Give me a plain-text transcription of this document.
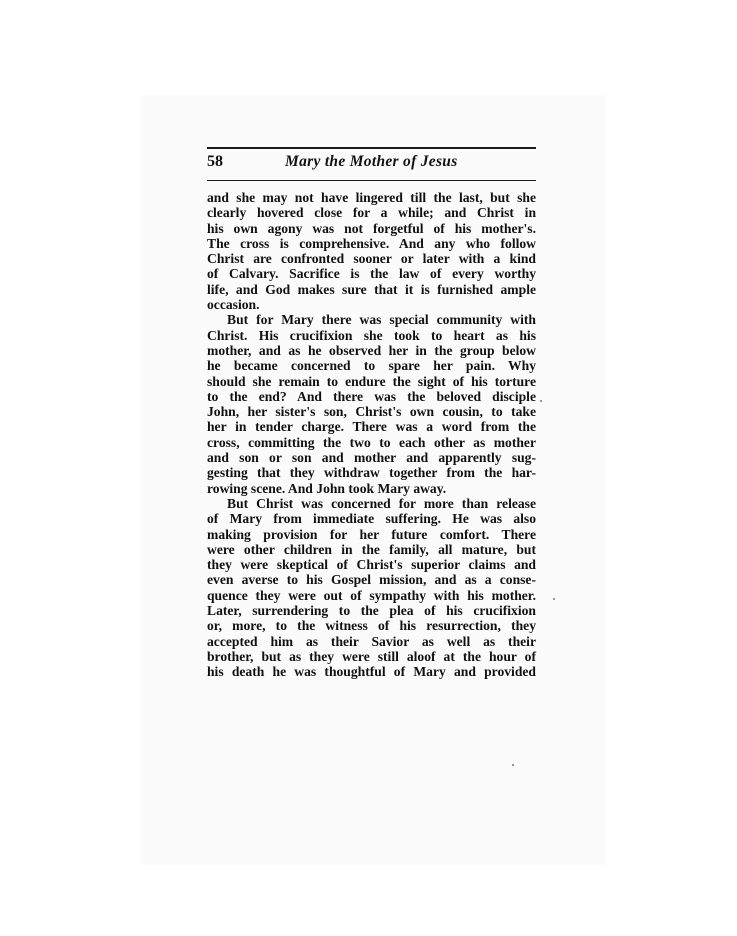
58	Mary the Mother of Jesus
and she may not have lingered till the last, but she
clearly hovered close for a while; and Christ in
his own agony was not forgetful of his mother's.
The cross is comprehensive. And any who follow
Christ are confronted sooner or later with a kind
of Calvary. Sacrifice is the law of every worthy
life, and God makes sure that it is furnished ample
occasion.
But for Mary there was special community with
Christ. His crucifixion she took to heart as his
mother, and as he observed her in the group below
he became concerned to spare her pain. Why
should she remain to endure the sight of his torture
to the end? And there was the beloved disciple
John, her sister's son, Christ's own cousin, to take
her in tender charge. There was a word from the
cross, committing the two to each other as mother
and son or son and mother and apparently sug-
gesting that they withdraw together from the har-
rowing scene. And John took Mary away.
But Christ was concerned for more than release
of Mary from immediate suffering. He was also
making provision for her future comfort. There
were other children in the family, all mature, but
they were skeptical of Christ's superior claims and
even averse to his Gospel mission, and as a conse-
quence they were out of sympathy with his mother.
Later, surrendering to the plea of his crucifixion
or, more, to the witness of his resurrection, they
accepted him as their Savior as well as their
brother, but as they were still aloof at the hour of
his death he was thoughtful of Mary and provided
